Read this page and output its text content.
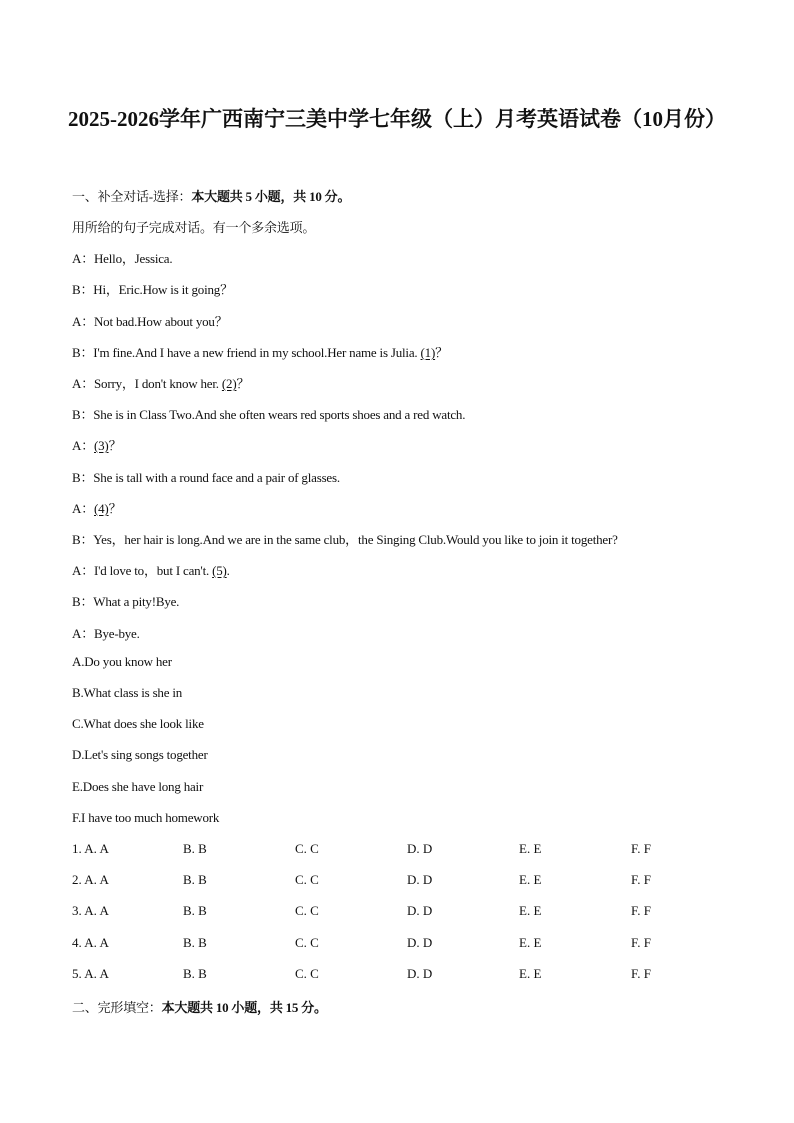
2025-2026学年广西南宁三美中学七年级（上）月考英语试卷（10月份）
一、补全对话-选择：本大题共 5 小题，共 10 分。
用所给的句子完成对话。有一个多余选项。
A：Hello，Jessica.
B：Hi，Eric.How is it going？
A：Not bad.How about you？
B：I'm fine.And I have a new friend in my school.Her name is Julia. (1)？
A：Sorry，I don't know her. (2)？
B：She is in Class Two.And she often wears red sports shoes and a red watch.
A：(3)？
B：She is tall with a round face and a pair of glasses.
A：(4)？
B：Yes，her hair is long.And we are in the same club，the Singing Club.Would you like to join it together?
A：I'd love to，but I can't. (5).
B：What a pity!Bye.
A：Bye-bye.
A.Do you know her
B.What class is she in
C.What does she look like
D.Let's sing songs together
E.Does she have long hair
F.I have too much homework
1. A. A	B. B	C. C	D. D	E. E	F. F
2. A. A	B. B	C. C	D. D	E. E	F. F
3. A. A	B. B	C. C	D. D	E. E	F. F
4. A. A	B. B	C. C	D. D	E. E	F. F
5. A. A	B. B	C. C	D. D	E. E	F. F
二、完形填空：本大题共 10 小题，共 15 分。
